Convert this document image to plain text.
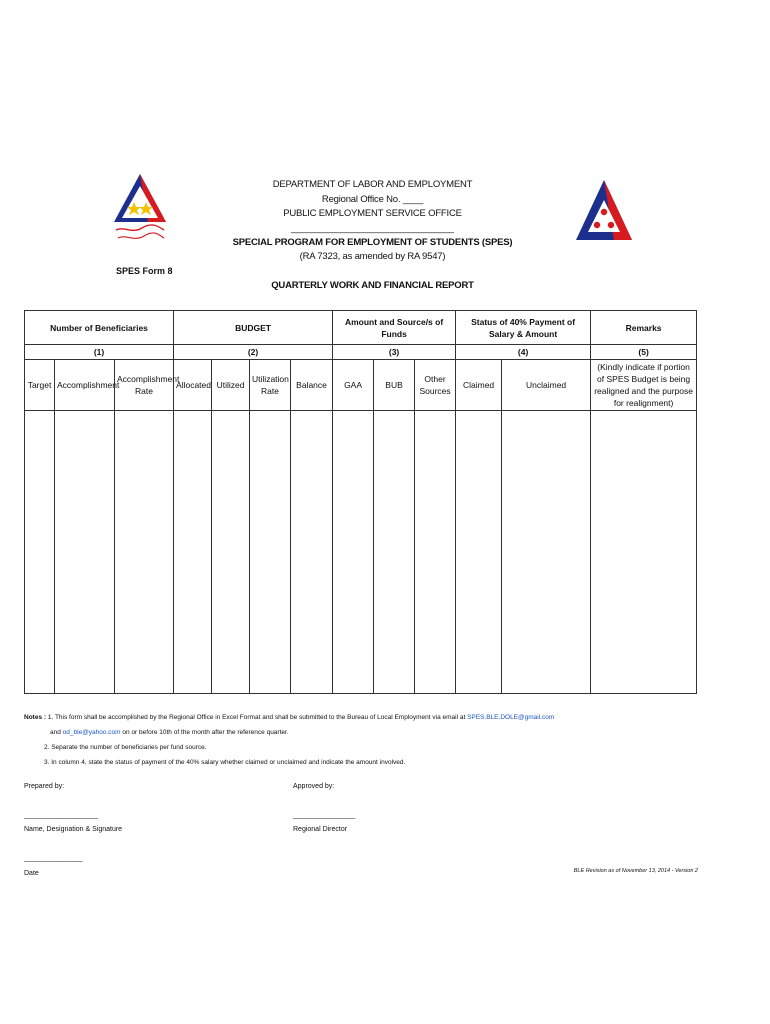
DEPARTMENT OF LABOR AND EMPLOYMENT
Regional Office No. ____
PUBLIC EMPLOYMENT SERVICE OFFICE
________________________________
SPECIAL PROGRAM FOR EMPLOYMENT OF STUDENTS (SPES)
(RA 7323, as amended by RA 9547)
SPES Form 8
QUARTERLY WORK AND FINANCIAL REPORT
Number of Beneficiaries			BUDGET				Amount and Source/s of Funds			Status of 40% Payment of Salary & Amount		Remarks
(1)			(2)				(3)			(4)		(5)
Target	Accomplishment	Accomplishment Rate	Allocated	Utilized	Utilization Rate	Balance	GAA	BUB	Other Sources	Claimed	Unclaimed	(Kindly indicate if portion of SPES Budget is being realigned and the purpose for realignment)

Notes : 1. This form shall be accomplished by the Regional Office in Excel Format and shall be submitted to the Bureau of Local Employment via email at SPES.BLE.DOLE@gmail.com
and od_ble@yahoo.com on or before 10th of the month after the reference quarter.
2. Separate the number of beneficiaries per fund source.
3. In column 4, state the status of payment of the 40% salary whether claimed or unclaimed and indicate the amount involved.
Prepared by:	Approved by:
___________________	________________
Name, Designation & Signature	Regional Director
_______________
Date	BLE Revision as of November 13, 2014 - Version 2
